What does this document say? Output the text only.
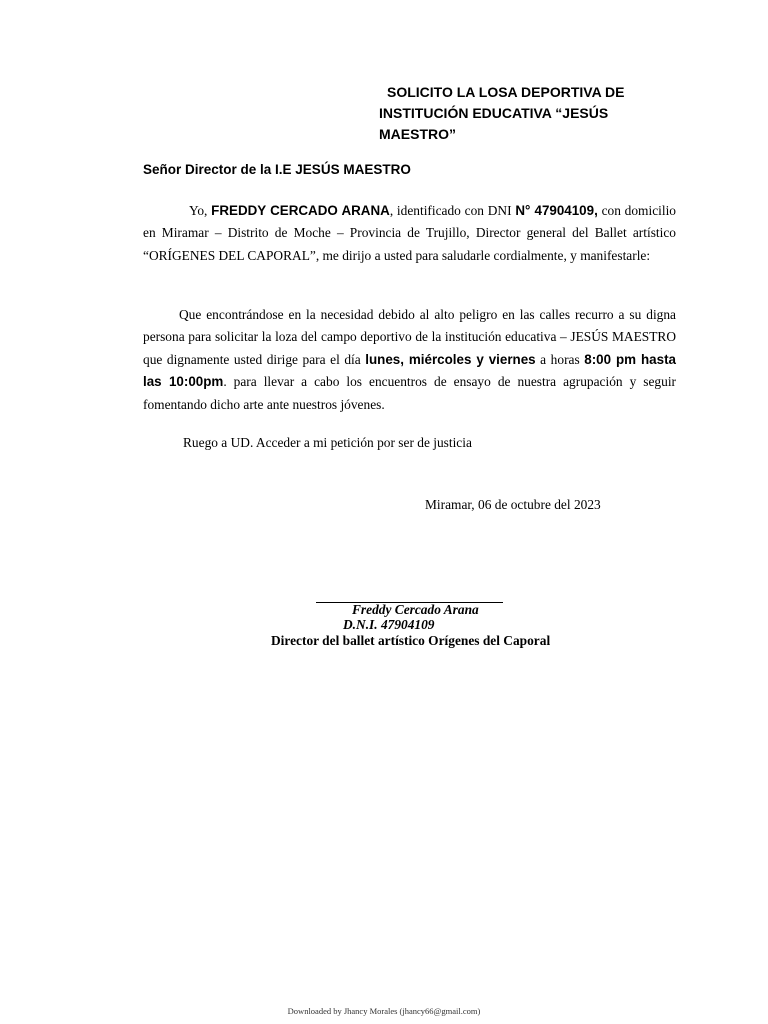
SOLICITO LA LOSA DEPORTIVA DE
INSTITUCIÓN EDUCATIVA “JESÚS
MAESTRO”
Señor Director de la I.E JESÚS MAESTRO
Yo, FREDDY CERCADO ARANA, identificado con DNI N° 47904109, con domicilio en Miramar – Distrito de Moche – Provincia de Trujillo, Director general del Ballet artístico “ORÍGENES DEL CAPORAL”, me dirijo a usted para saludarle cordialmente, y manifestarle:
Que encontrándose en la necesidad debido al alto peligro en las calles recurro a su digna persona para solicitar la loza del campo deportivo de la institución educativa – JESÚS MAESTRO que dignamente usted dirige para el día lunes, miércoles y viernes a horas 8:00 pm hasta las 10:00pm. para llevar a cabo los encuentros de ensayo de nuestra agrupación y seguir fomentando dicho arte ante nuestros jóvenes.
Ruego a UD. Acceder a mi petición por ser de justicia
Miramar, 06 de octubre del 2023
Freddy Cercado Arana
D.N.I. 47904109
Director del ballet artístico Orígenes del Caporal
Downloaded by Jhancy Morales (jhancy66@gmail.com)
